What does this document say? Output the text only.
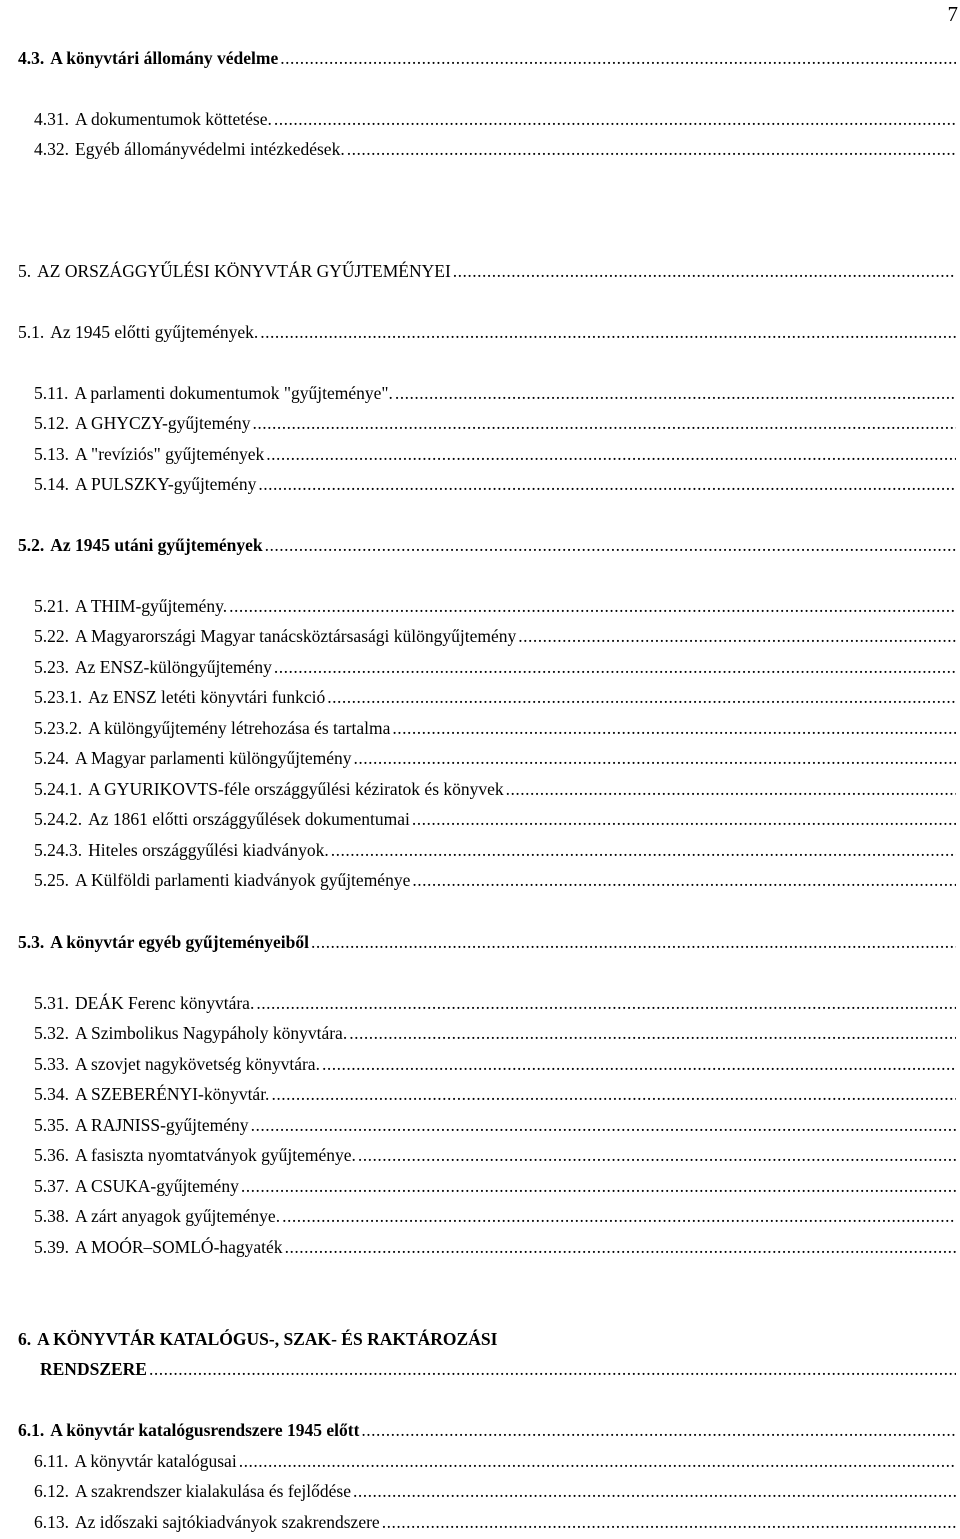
7
4.3. A könyvtári állomány védelme
.....
4.31. A dokumentumok köttetése.
.....
4.32. Egyéb állományvédelmi intézkedések.
.....
5. AZ ORSZÁGGYŰLÉSI KÖNYVTÁR GYŰJTEMÉNYEI
.....
5.1. Az 1945 előtti gyűjtemények.
.....
5.11. A parlamenti dokumentumok "gyűjteménye".
.....
5.12. A GHYCZY-gyűjtemény
.....
5.13. A "revíziós" gyűjtemények
.....
5.14. A PULSZKY-gyűjtemény
.....
5.2. Az 1945 utáni gyűjtemények
.....
5.21. A THIM-gyűjtemény.
.....
5.22. A Magyarországi Magyar tanácsköztársasági különgyűjtemény
.....
5.23. Az ENSZ-különgyűjtemény
.....
5.23.1. Az ENSZ letéti könyvtári funkció
.....
5.23.2. A különgyűjtemény létrehozása és tartalma
.....
5.24. A Magyar parlamenti különgyűjtemény
.....
5.24.1. A GYURIKOVTS-féle országgyűlési kéziratok és könyvek
.....
5.24.2. Az 1861 előtti országgyűlések dokumentumai
.....
5.24.3. Hiteles országgyűlési kiadványok.
.....
5.25. A Külföldi parlamenti kiadványok gyűjteménye
.....
5.3. A könyvtár egyéb gyűjteményeiből
.....
5.31. DEÁK Ferenc könyvtára.
.....
5.32. A Szimbolikus Nagypáholy könyvtára.
.....
5.33. A szovjet nagykövetség könyvtára.
.....
5.34. A SZEBERÉNYI-könyvtár.
.....
5.35. A RAJNISS-gyűjtemény
.....
5.36. A fasiszta nyomtatványok gyűjteménye.
.....
5.37. A CSUKA-gyűjtemény
.....
5.38. A zárt anyagok gyűjteménye.
.....
5.39. A MOÓR–SOMLÓ-hagyaték
.....
6. A KÖNYVTÁR KATALÓGUS-, SZAK- ÉS RAKTÁROZÁSI
RENDSZERE
.....
6.1. A könyvtár katalógusrendszere 1945 előtt
.....
6.11. A könyvtár katalógusai
.....
6.12. A szakrendszer kialakulása és fejlődése
.....
6.13. Az időszaki sajtókiadványok szakrendszere
.....
